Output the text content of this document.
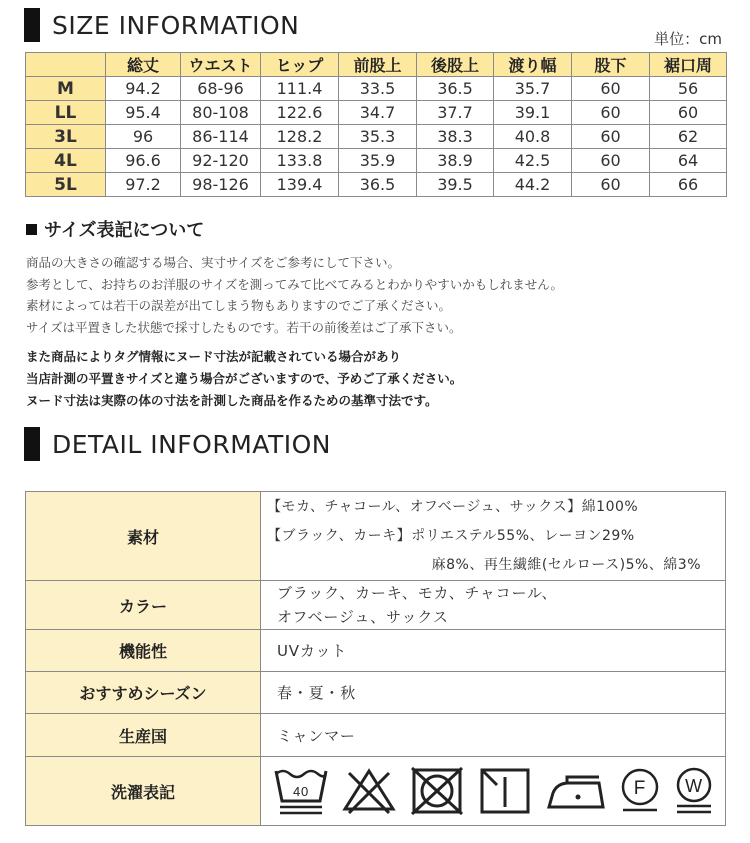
SIZE INFORMATION	単位：cm
	総丈	ウエスト	ヒップ	前股上	後股上	渡り幅	股下	裾口周
M	94.2	68-96	111.4	33.5	36.5	35.7	60	56
LL	95.4	80-108	122.6	34.7	37.7	39.1	60	60
3L	96	86-114	128.2	35.3	38.3	40.8	60	62
4L	96.6	92-120	133.8	35.9	38.9	42.5	60	64
5L	97.2	98-126	139.4	36.5	39.5	44.2	60	66
サイズ表記について
商品の大きさの確認する場合、実寸サイズをご参考にして下さい。
参考として、お持ちのお洋服のサイズを測ってみて比べてみるとわかりやすいかもしれません。
素材によっては若干の誤差が出てしまう物もありますのでご了承ください。
サイズは平置きした状態で採寸したものです。若干の前後差はご了承下さい。
また商品によりタグ情報にヌード寸法が記載されている場合があり
当店計測の平置きサイズと違う場合がございますので、予めご了承ください。
ヌード寸法は実際の体の寸法を計測した商品を作るための基準寸法です。
DETAIL INFORMATION
素材	【モカ、チャコール、オフベージュ、サックス】綿100%
【ブラック、カーキ】ポリエステル55%、レーヨン29%
麻8%、再生繊維(セルロース)5%、綿3%

カラー	ブラック、カーキ、モカ、チャコール、
オフベージュ、サックス

機能性	UVカット
おすすめシーズン	春・夏・秋
生産国	ミャンマー
洗濯表記	40 F W
